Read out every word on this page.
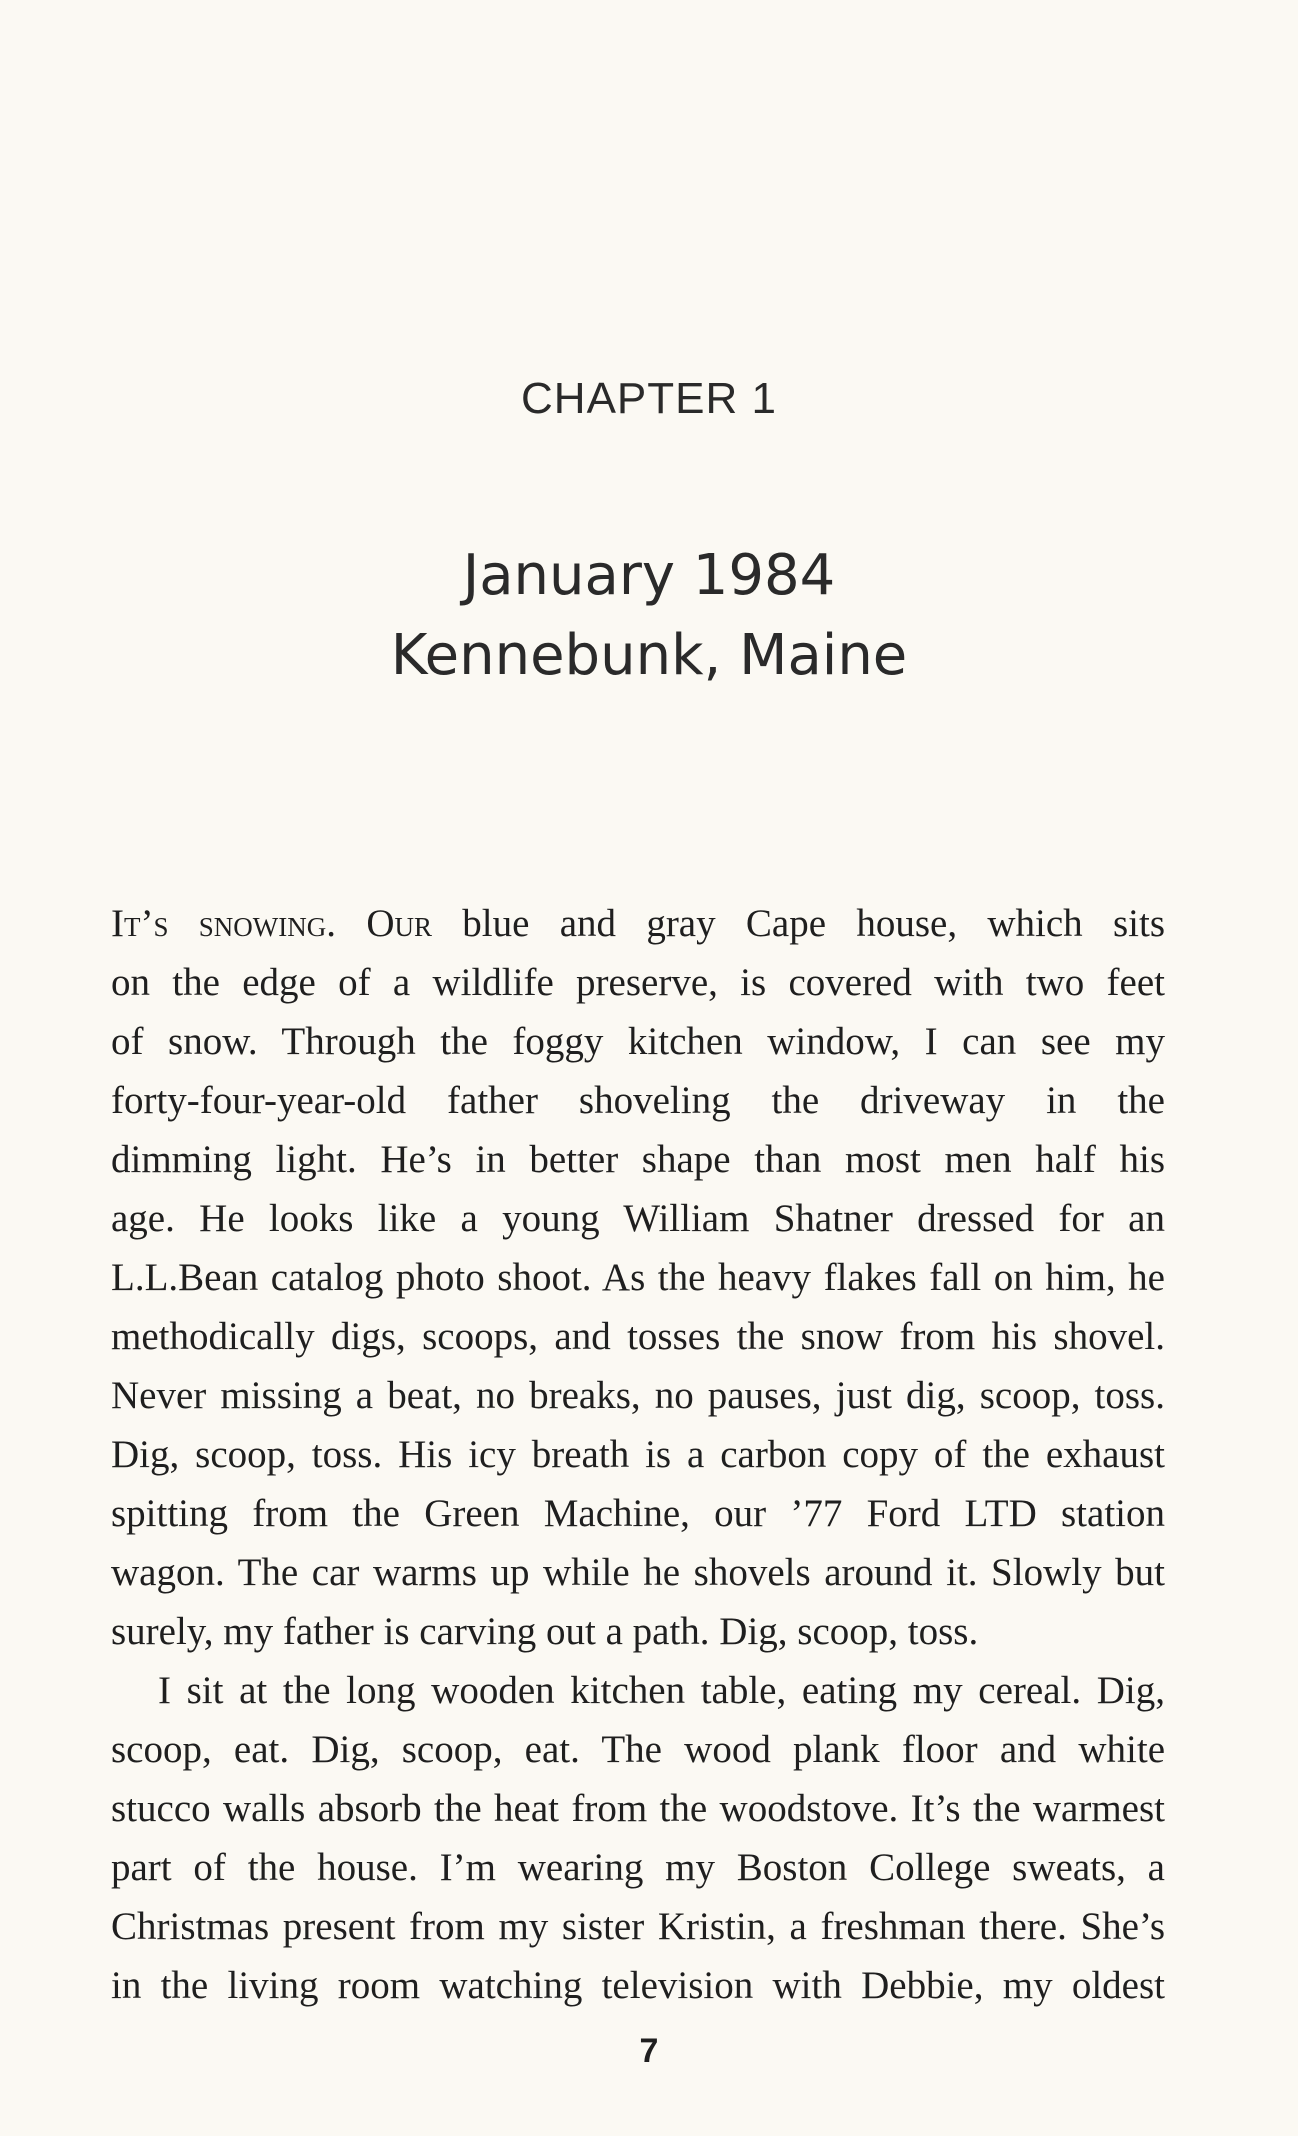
CHAPTER 1
January 1984
Kennebunk, Maine
It’s snowing. Our blue and gray Cape house, which sits
on the edge of a wildlife preserve, is covered with two feet
of snow. Through the foggy kitchen window, I can see my
forty-four-year-old father shoveling the driveway in the
dimming light. He’s in better shape than most men half his
age. He looks like a young William Shatner dressed for an
L.L.Bean catalog photo shoot. As the heavy flakes fall on him, he
methodically digs, scoops, and tosses the snow from his shovel.
Never missing a beat, no breaks, no pauses, just dig, scoop, toss.
Dig, scoop, toss. His icy breath is a carbon copy of the exhaust
spitting from the Green Machine, our ’77 Ford LTD station
wagon. The car warms up while he shovels around it. Slowly but
surely, my father is carving out a path. Dig, scoop, toss.
I sit at the long wooden kitchen table, eating my cereal. Dig,
scoop, eat. Dig, scoop, eat. The wood plank floor and white
stucco walls absorb the heat from the woodstove. It’s the warmest
part of the house. I’m wearing my Boston College sweats, a
Christmas present from my sister Kristin, a freshman there. She’s
in the living room watching television with Debbie, my oldest
7
